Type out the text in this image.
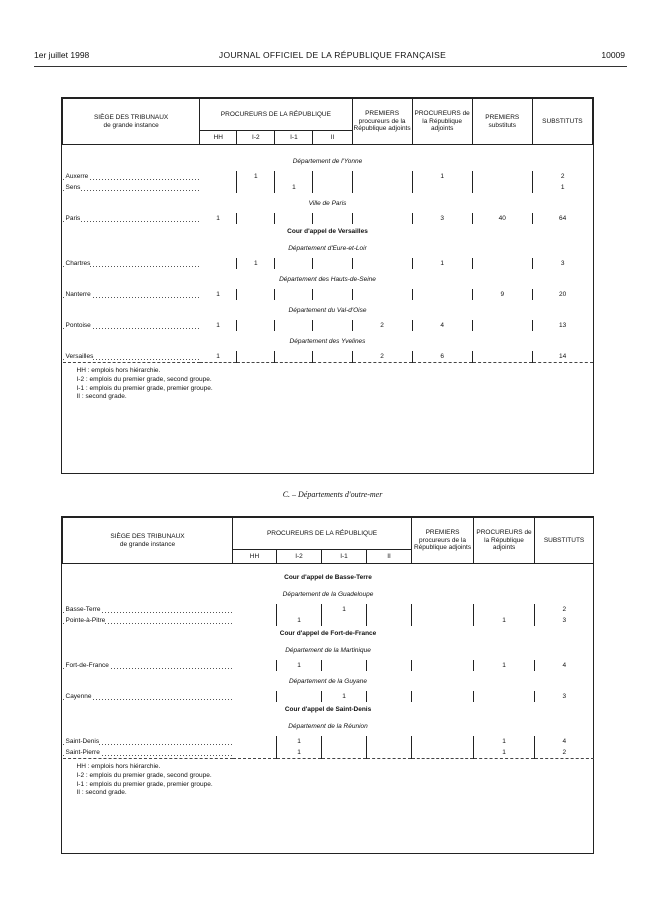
1er juillet 1998	JOURNAL OFFICIEL DE LA RÉPUBLIQUE FRANÇAISE	10009
SIÈGE DES TRIBUNAUX
de grande instance	PROCUREURS DE LA RÉPUBLIQUE				PREMIERS procureurs de la République adjoints	PROCUREURS de la République adjoints	PREMIERS substituts	SUBSTITUTS
	HH	I-2	I-1	II				

Département de l'Yonne								
Auxerre		1				1		2
Sens			1					1
Ville de Paris								
Paris	1					3	40	64
Cour d'appel de Versailles								
Département d'Eure-et-Loir								
Chartres		1				1		3
Département des Hauts-de-Seine								
Nanterre	1						9	20
Département du Val-d'Oise								
Pontoise	1				2	4		13
Département des Yvelines								
Versailles	1				2	6		14

HH : emplois hors hiérarchie.
I-2 : emplois du premier grade, second groupe.
I-1 : emplois du premier grade, premier groupe.
II : second grade.								
C. – Départements d'outre-mer
SIÈGE DES TRIBUNAUX
de grande instance	PROCUREURS DE LA RÉPUBLIQUE				PREMIERS procureurs de la République adjoints	PROCUREURS de la République adjoints	SUBSTITUTS
	HH	I-2	I-1	II			

Cour d'appel de Basse-Terre							
Département de la Guadeloupe							
Basse-Terre			1				2
Pointe-à-Pitre		1				1	3
Cour d'appel de Fort-de-France							
Département de la Martinique							
Fort-de-France		1				1	4
Département de la Guyane							
Cayenne			1				3
Cour d'appel de Saint-Denis							
Département de la Réunion							
Saint-Denis		1				1	4
Saint-Pierre		1				1	2

HH : emplois hors hiérarchie.
I-2 : emplois du premier grade, second groupe.
I-1 : emplois du premier grade, premier groupe.
II : second grade.							
